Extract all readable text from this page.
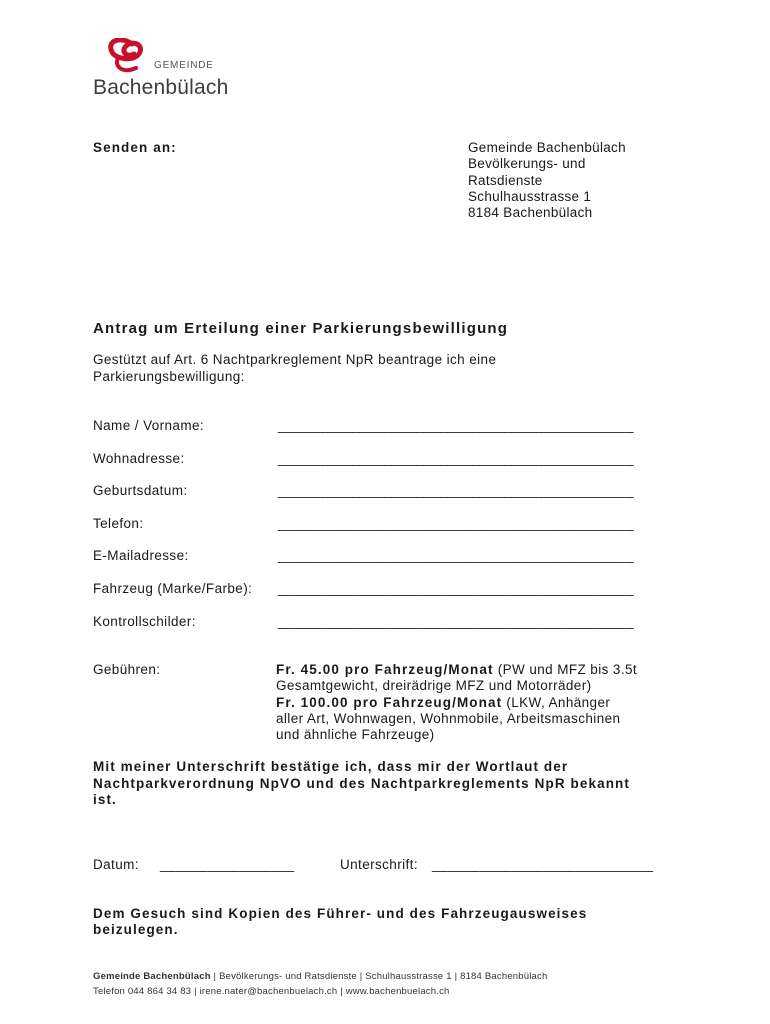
GEMEINDE
Bachenbülach
Senden an:	Gemeinde Bachenbülach
Bevölkerungs- und
Ratsdienste
Schulhausstrasse 1
8184 Bachenbülach
Antrag um Erteilung einer Parkierungsbewilligung
Gestützt auf Art. 6 Nachtparkreglement NpR beantrage ich eine
Parkierungsbewilligung:
Name / Vorname:	_____________________________________________
Wohnadresse:	_____________________________________________
Geburtsdatum:	_____________________________________________
Telefon:	_____________________________________________
E-Mailadresse:	_____________________________________________
Fahrzeug (Marke/Farbe): _____________________________________________
Kontrollschilder:	_____________________________________________
Gebühren:	Fr. 45.00 pro Fahrzeug/Monat (PW und MFZ bis 3.5t
Gesamtgewicht, dreirädrige MFZ und Motorräder)
Fr. 100.00 pro Fahrzeug/Monat (LKW, Anhänger
aller Art, Wohnwagen, Wohnmobile, Arbeitsmaschinen
und ähnliche Fahrzeuge)
Mit meiner Unterschrift bestätige ich, dass mir der Wortlaut der
Nachtparkverordnung NpVO und des Nachtparkreglements NpR bekannt
ist.
Datum: _________________	Unterschrift: ____________________________
Dem Gesuch sind Kopien des Führer- und des Fahrzeugausweises
beizulegen.
Gemeinde Bachenbülach | Bevölkerungs- und Ratsdienste | Schulhausstrasse 1 | 8184 Bachenbülach
Telefon 044 864 34 83 | irene.nater@bachenbuelach.ch | www.bachenbuelach.ch
